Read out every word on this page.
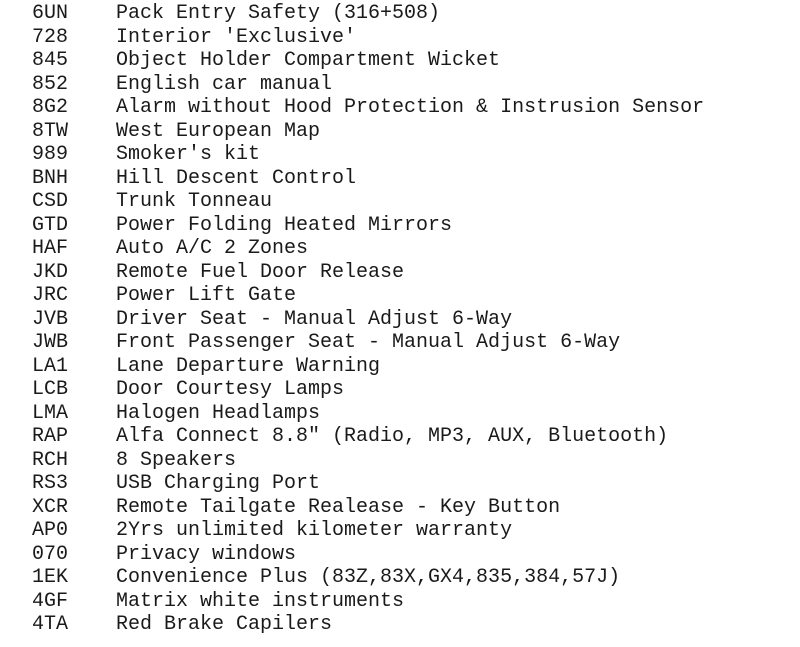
6UN Pack Entry Safety (316+508)
728 Interior 'Exclusive'
845 Object Holder Compartment Wicket
852 English car manual
8G2 Alarm without Hood Protection & Instrusion Sensor
8TW West European Map
989 Smoker's kit
BNH Hill Descent Control
CSD Trunk Tonneau
GTD Power Folding Heated Mirrors
HAF Auto A/C 2 Zones
JKD Remote Fuel Door Release
JRC Power Lift Gate
JVB Driver Seat - Manual Adjust 6-Way
JWB Front Passenger Seat - Manual Adjust 6-Way
LA1 Lane Departure Warning
LCB Door Courtesy Lamps
LMA Halogen Headlamps
RAP Alfa Connect 8.8" (Radio, MP3, AUX, Bluetooth)
RCH 8 Speakers
RS3 USB Charging Port
XCR Remote Tailgate Realease - Key Button
AP0 2Yrs unlimited kilometer warranty
070 Privacy windows
1EK Convenience Plus (83Z,83X,GX4,835,384,57J)
4GF Matrix white instruments
4TA Red Brake Capilers
